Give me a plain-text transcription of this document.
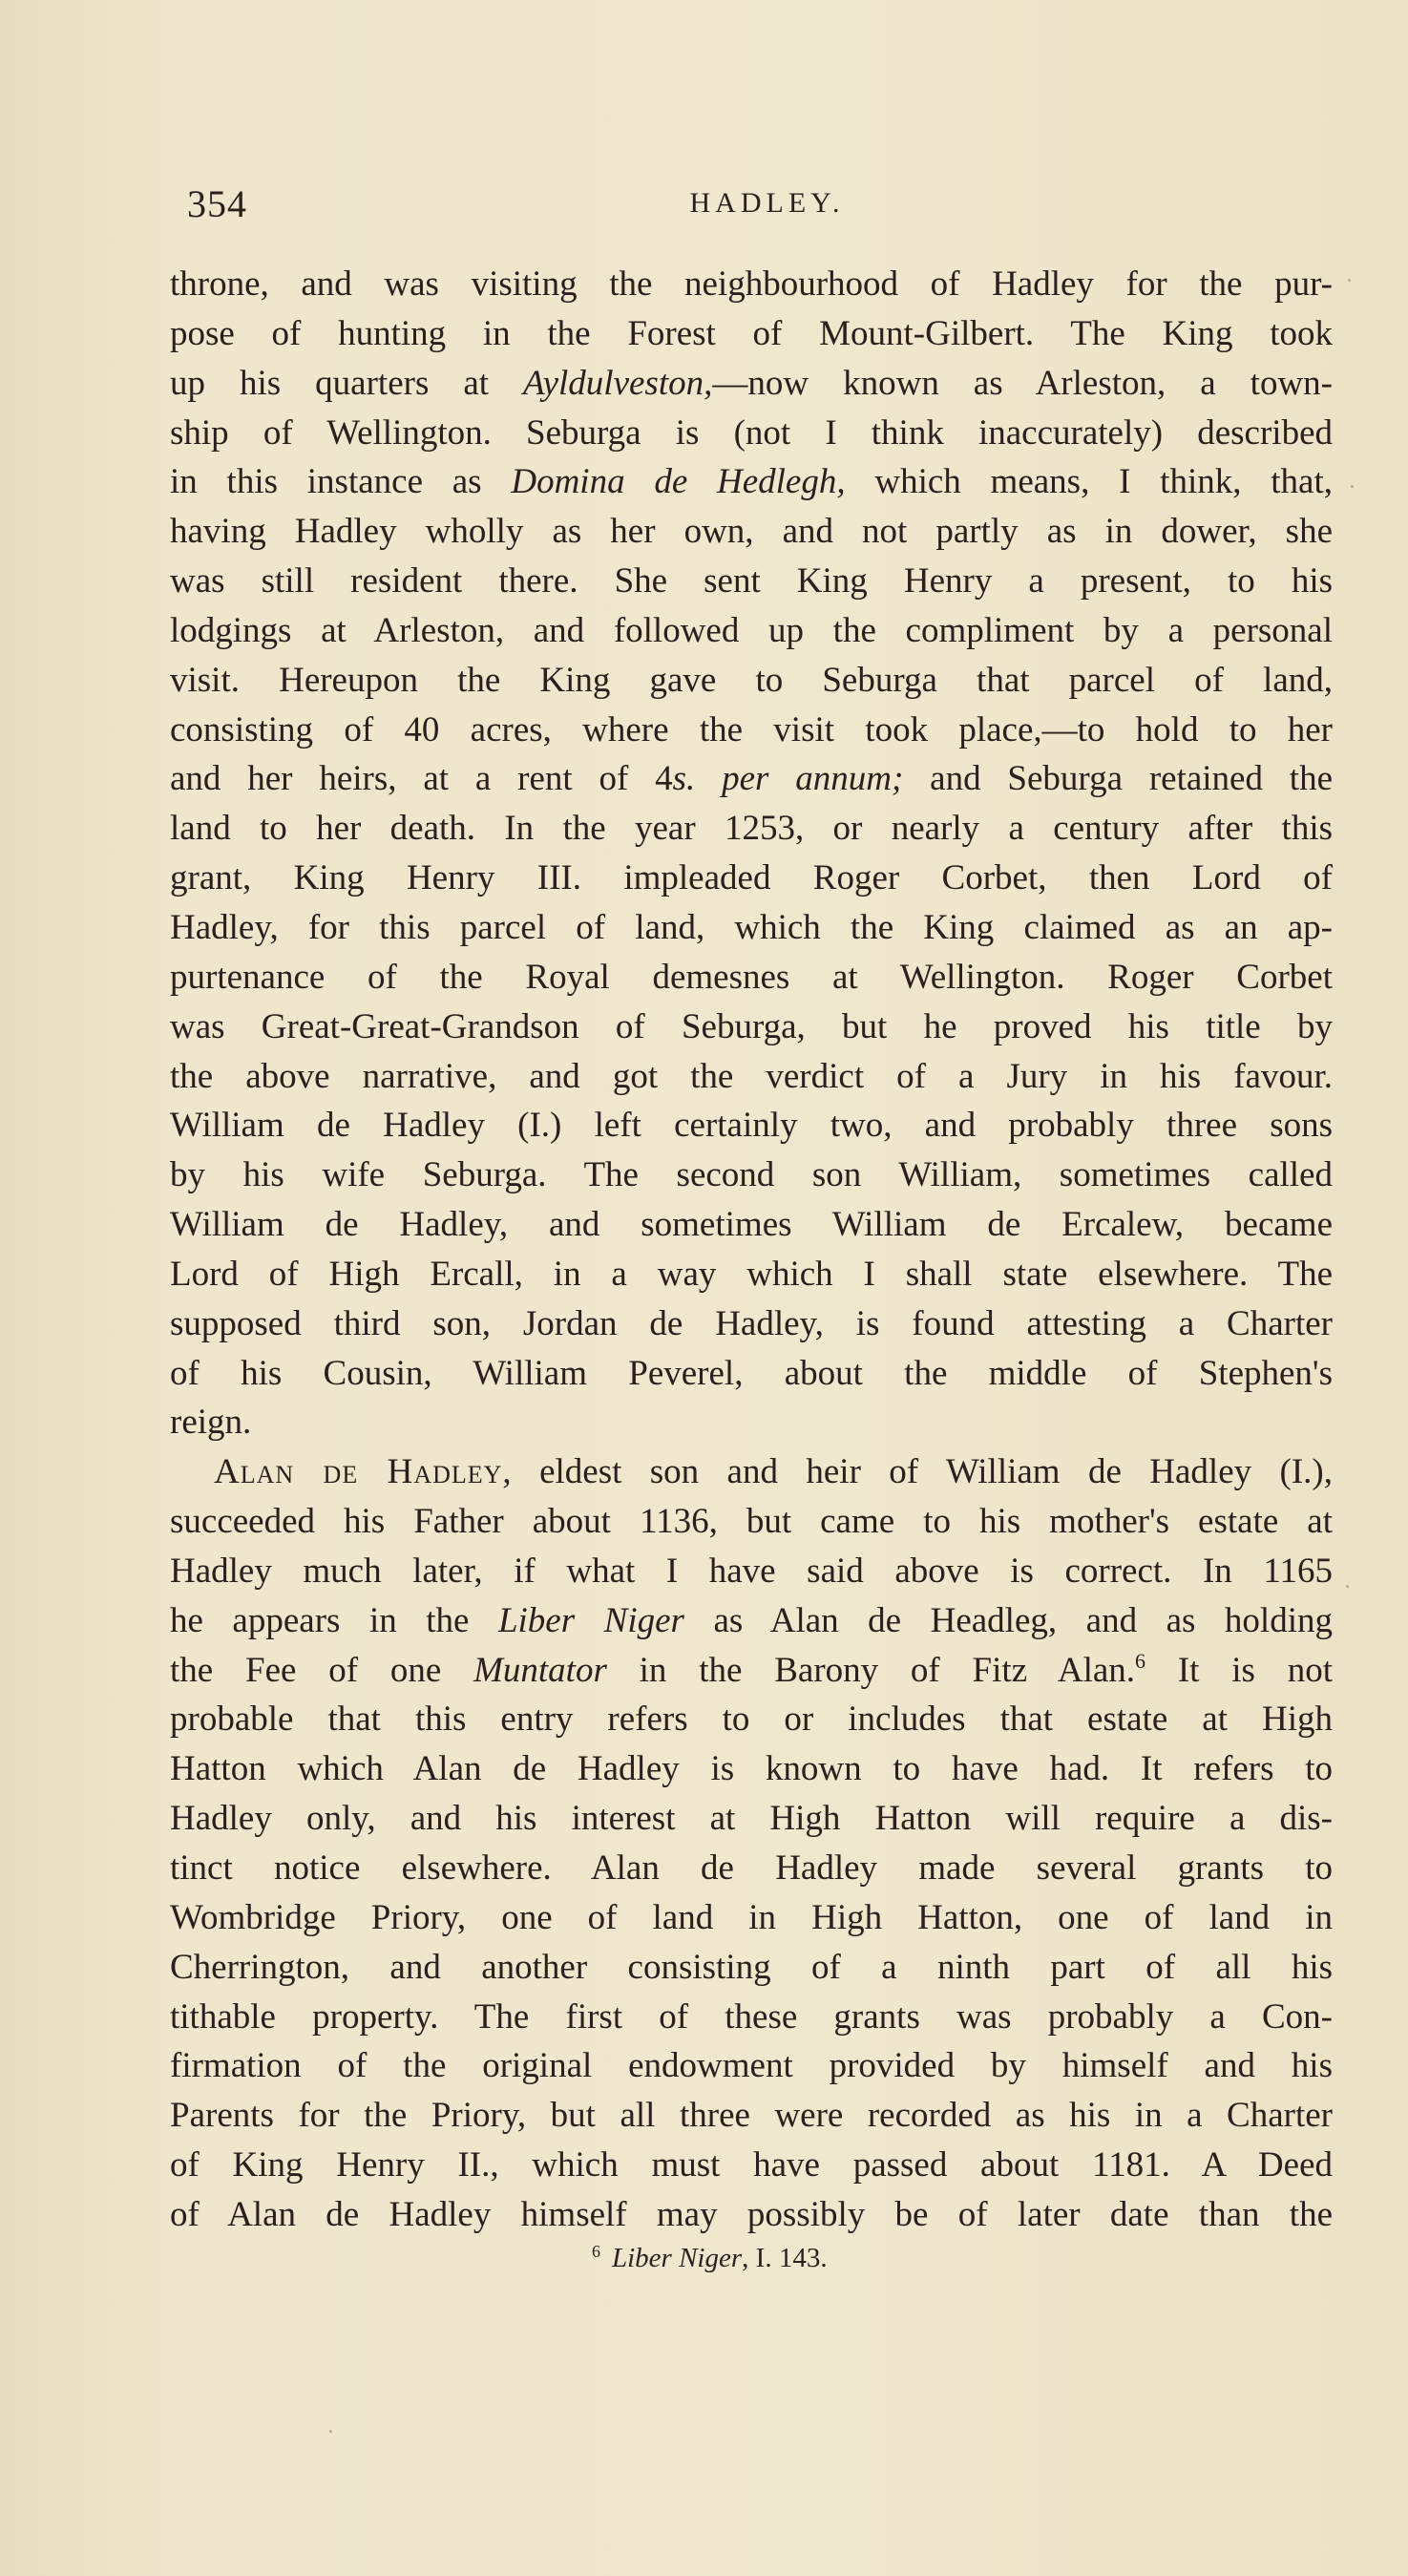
354	HADLEY.
throne, and was visiting the neighbourhood of Hadley for the pur-
pose of hunting in the Forest of Mount-Gilbert. The King took
up his quarters at Ayldulveston,—now known as Arleston, a town-
ship of Wellington. Seburga is (not I think inaccurately) described
in this instance as Domina de Hedlegh, which means, I think, that,
having Hadley wholly as her own, and not partly as in dower, she
was still resident there. She sent King Henry a present, to his
lodgings at Arleston, and followed up the compliment by a personal
visit. Hereupon the King gave to Seburga that parcel of land,
consisting of 40 acres, where the visit took place,—to hold to her
and her heirs, at a rent of 4s. per annum; and Seburga retained the
land to her death. In the year 1253, or nearly a century after this
grant, King Henry III. impleaded Roger Corbet, then Lord of
Hadley, for this parcel of land, which the King claimed as an ap-
purtenance of the Royal demesnes at Wellington. Roger Corbet
was Great-Great-Grandson of Seburga, but he proved his title by
the above narrative, and got the verdict of a Jury in his favour.
William de Hadley (I.) left certainly two, and probably three sons
by his wife Seburga. The second son William, sometimes called
William de Hadley, and sometimes William de Ercalew, became
Lord of High Ercall, in a way which I shall state elsewhere. The
supposed third son, Jordan de Hadley, is found attesting a Charter
of his Cousin, William Peverel, about the middle of Stephen's
reign.
Alan de Hadley, eldest son and heir of William de Hadley (I.),
succeeded his Father about 1136, but came to his mother's estate at
Hadley much later, if what I have said above is correct. In 1165
he appears in the Liber Niger as Alan de Headleg, and as holding
the Fee of one Muntator in the Barony of Fitz Alan.$^6$ It is not
probable that this entry refers to or includes that estate at High
Hatton which Alan de Hadley is known to have had. It refers to
Hadley only, and his interest at High Hatton will require a dis-
tinct notice elsewhere. Alan de Hadley made several grants to
Wombridge Priory, one of land in High Hatton, one of land in
Cherrington, and another consisting of a ninth part of all his
tithable property. The first of these grants was probably a Con-
firmation of the original endowment provided by himself and his
Parents for the Priory, but all three were recorded as his in a Charter
of King Henry II., which must have passed about 1181. A Deed
of Alan de Hadley himself may possibly be of later date than the
$^6$ Liber Niger, I. 143.
